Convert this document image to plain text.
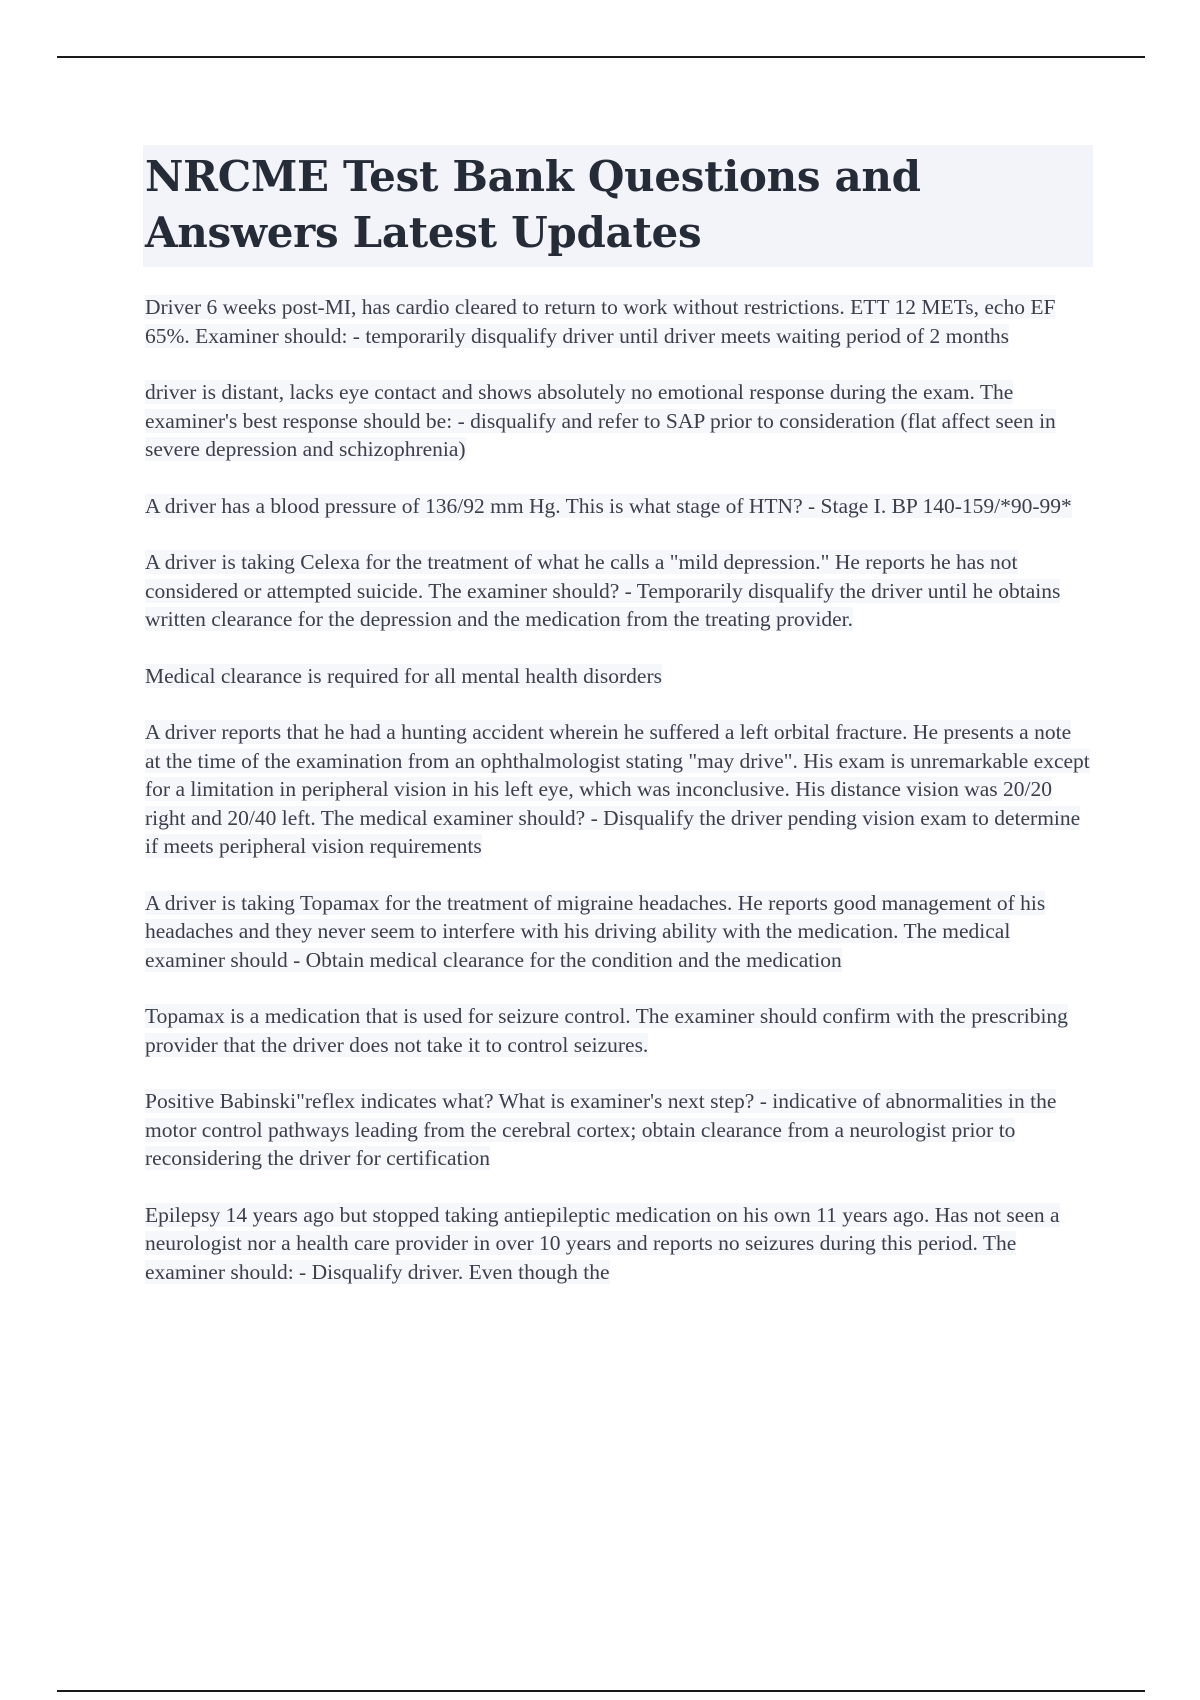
NRCME Test Bank Questions and Answers Latest Updates

Driver 6 weeks post-MI, has cardio cleared to return to work without restrictions. ETT 12 METs, echo EF 65%. Examiner should: - temporarily disqualify driver until driver meets waiting period of 2 months

driver is distant, lacks eye contact and shows absolutely no emotional response during the exam. The examiner's best response should be: - disqualify and refer to SAP prior to consideration (flat affect seen in severe depression and schizophrenia)

A driver has a blood pressure of 136/92 mm Hg. This is what stage of HTN? - Stage I. BP 140-159/*90-99*

A driver is taking Celexa for the treatment of what he calls a "mild depression." He reports he has not considered or attempted suicide. The examiner should? - Temporarily disqualify the driver until he obtains written clearance for the depression and the medication from the treating provider.

Medical clearance is required for all mental health disorders

A driver reports that he had a hunting accident wherein he suffered a left orbital fracture. He presents a note at the time of the examination from an ophthalmologist stating "may drive". His exam is unremarkable except for a limitation in peripheral vision in his left eye, which was inconclusive. His distance vision was 20/20 right and 20/40 left. The medical examiner should? - Disqualify the driver pending vision exam to determine if meets peripheral vision requirements

A driver is taking Topamax for the treatment of migraine headaches. He reports good management of his headaches and they never seem to interfere with his driving ability with the medication. The medical examiner should - Obtain medical clearance for the condition and the medication

Topamax is a medication that is used for seizure control. The examiner should confirm with the prescribing provider that the driver does not take it to control seizures.

Positive Babinski"reflex indicates what? What is examiner's next step? - indicative of abnormalities in the motor control pathways leading from the cerebral cortex; obtain clearance from a neurologist prior to reconsidering the driver for certification

Epilepsy 14 years ago but stopped taking antiepileptic medication on his own 11 years ago. Has not seen a neurologist nor a health care provider in over 10 years and reports no seizures during this period. The examiner should: - Disqualify driver. Even though the
